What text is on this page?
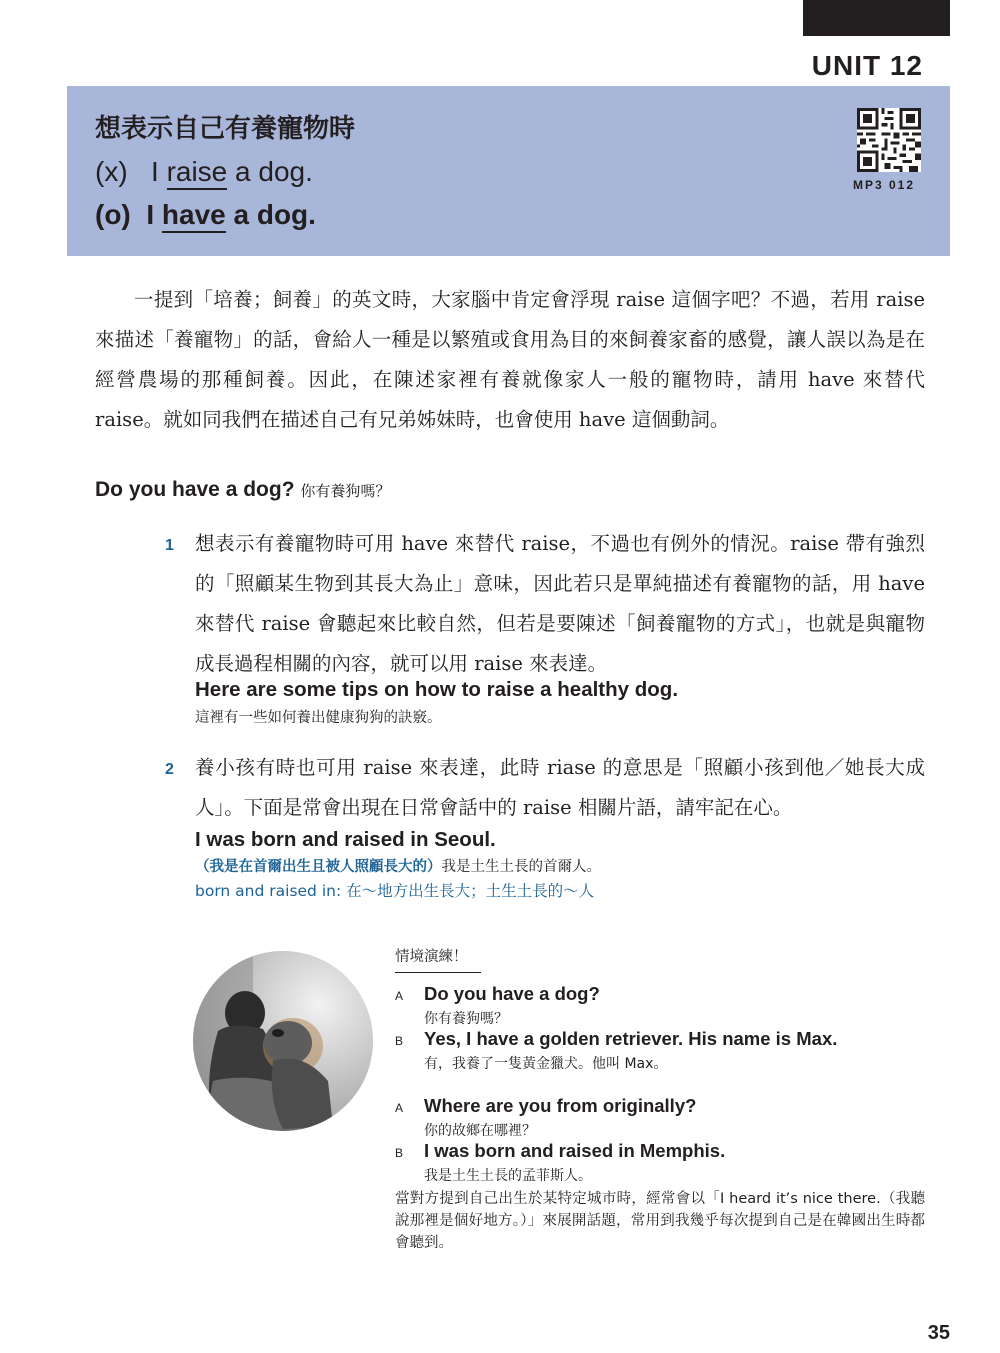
UNIT 12
想表示自己有養寵物時
(x) I raise a dog.
(o) I have a dog.
MP3 012

一提到「培養；飼養」的英文時，大家腦中肯定會浮現 raise 這個字吧？不過，若用 raise 來描述「養寵物」的話，會給人一種是以繁殖或食用為目的來飼養家畜的感覺，讓人誤以為是在經營農場的那種飼養。因此，在陳述家裡有養就像家人一般的寵物時，請用 have 來替代 raise。就如同我們在描述自己有兄弟姊妹時，也會使用 have 這個動詞。

Do you have a dog? 你有養狗嗎？
1 想表示有養寵物時可用 have 來替代 raise，不過也有例外的情況。raise 帶有強烈的「照顧某生物到其長大為止」意味，因此若只是單純描述有養寵物的話，用 have 來替代 raise 會聽起來比較自然，但若是要陳述「飼養寵物的方式」，也就是與寵物成長過程相關的內容，就可以用 raise 來表達。

Here are some tips on how to raise a healthy dog.
這裡有一些如何養出健康狗狗的訣竅。
2 養小孩有時也可用 raise 來表達，此時 riase 的意思是「照顧小孩到他／她長大成人」。下面是常會出現在日常會話中的 raise 相關片語，請牢記在心。

I was born and raised in Seoul.
（我是在首爾出生且被人照顧長大的）我是土生土長的首爾人。
born and raised in: 在～地方出生長大；土生土長的～人
情境演練！
A Do you have a dog?
你有養狗嗎？
B Yes, I have a golden retriever. His name is Max.
有，我養了一隻黃金獵犬。他叫 Max。
A Where are you from originally?
你的故鄉在哪裡？
B I was born and raised in Memphis.
我是土生土長的孟菲斯人。

當對方提到自己出生於某特定城市時，經常會以「I heard it’s nice there.（我聽說那裡是個好地方。）」來展開話題，常用到我幾乎每次提到自己是在韓國出生時都會聽到。

35
